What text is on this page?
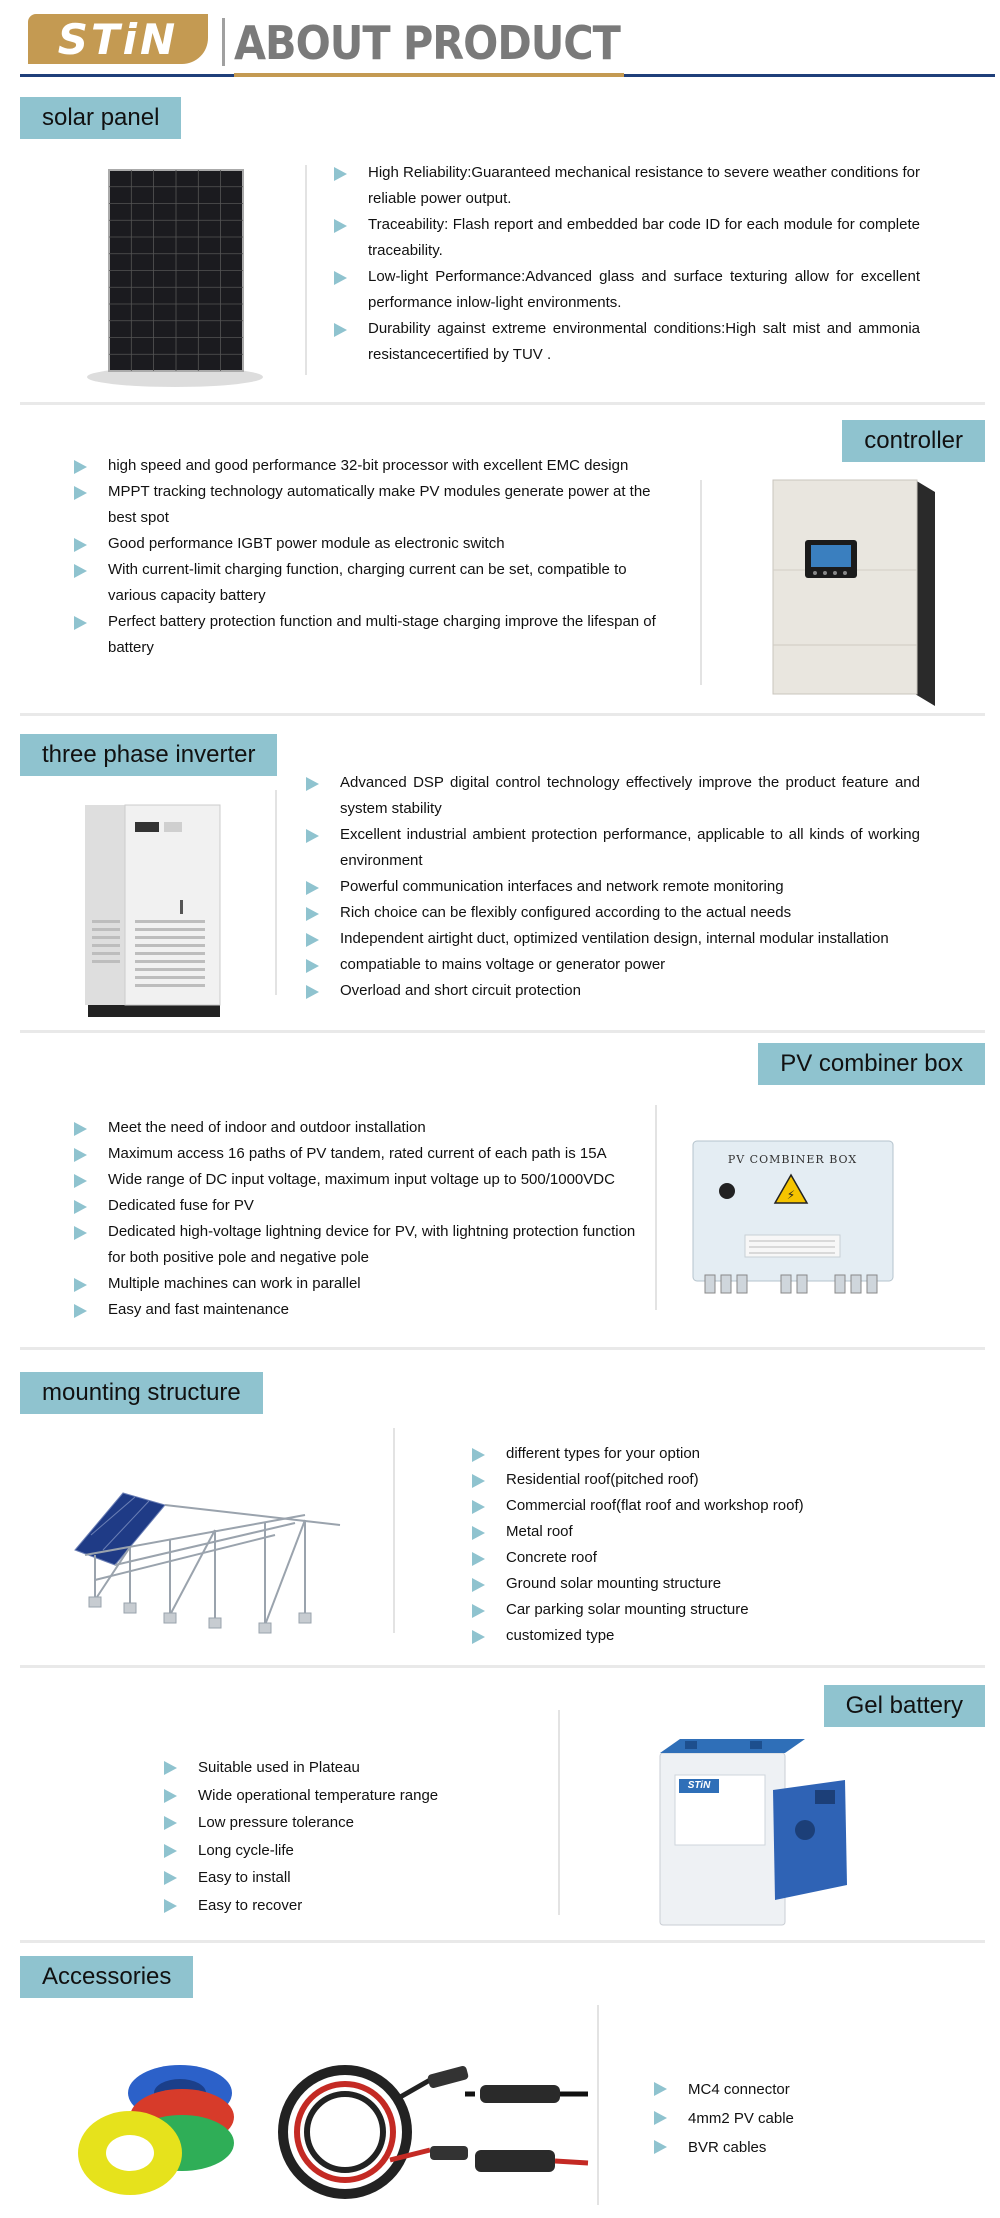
STiN ABOUT PRODUCT
solar panel
High Reliability:Guaranteed mechanical resistance to severe weather conditions for reliable power output.
Traceability: Flash report and embedded bar code ID for each module for complete traceability.
Low-light Performance:Advanced glass and surface texturing allow for excellent performance inlow-light environments.
Durability against extreme environmental conditions:High salt mist and ammonia resistancecertified by TUV .
controller
high speed and good performance 32-bit processor with excellent EMC design
MPPT tracking technology automatically make PV modules generate power at the best spot
Good performance IGBT power module as electronic switch
With current-limit charging function, charging current can be set, compatible to various capacity battery
Perfect battery protection function and multi-stage charging improve the lifespan of battery
three phase inverter
Advanced DSP digital control technology effectively improve the product feature and system stability
Excellent industrial ambient protection performance, applicable to all kinds of working environment
Powerful communication interfaces and network remote monitoring
Rich choice can be flexibly configured according to the actual needs
Independent airtight duct, optimized ventilation design, internal modular installation
compatiable to mains voltage or generator power
Overload and short circuit protection
PV combiner box
Meet the need of indoor and outdoor installation
Maximum access 16 paths of PV tandem, rated current of each path is 15A
Wide range of DC input voltage, maximum input voltage up to 500/1000VDC
Dedicated fuse for PV
Dedicated high-voltage lightning device for PV, with lightning protection function for both positive pole and negative pole
Multiple machines can work in parallel
Easy and fast maintenance
⚡
PV COMBINER BOX
mounting structure
different types for your option
Residential roof(pitched roof)
Commercial roof(flat roof and workshop roof)
Metal roof
Concrete roof
Ground solar mounting structure
Car parking solar mounting structure
customized type
Gel battery
Suitable used in Plateau
Wide operational temperature range
Low pressure tolerance
Long cycle-life
Easy to install
Easy to recover
STiN
Accessories
MC4 connector
4mm2 PV cable
BVR cables
